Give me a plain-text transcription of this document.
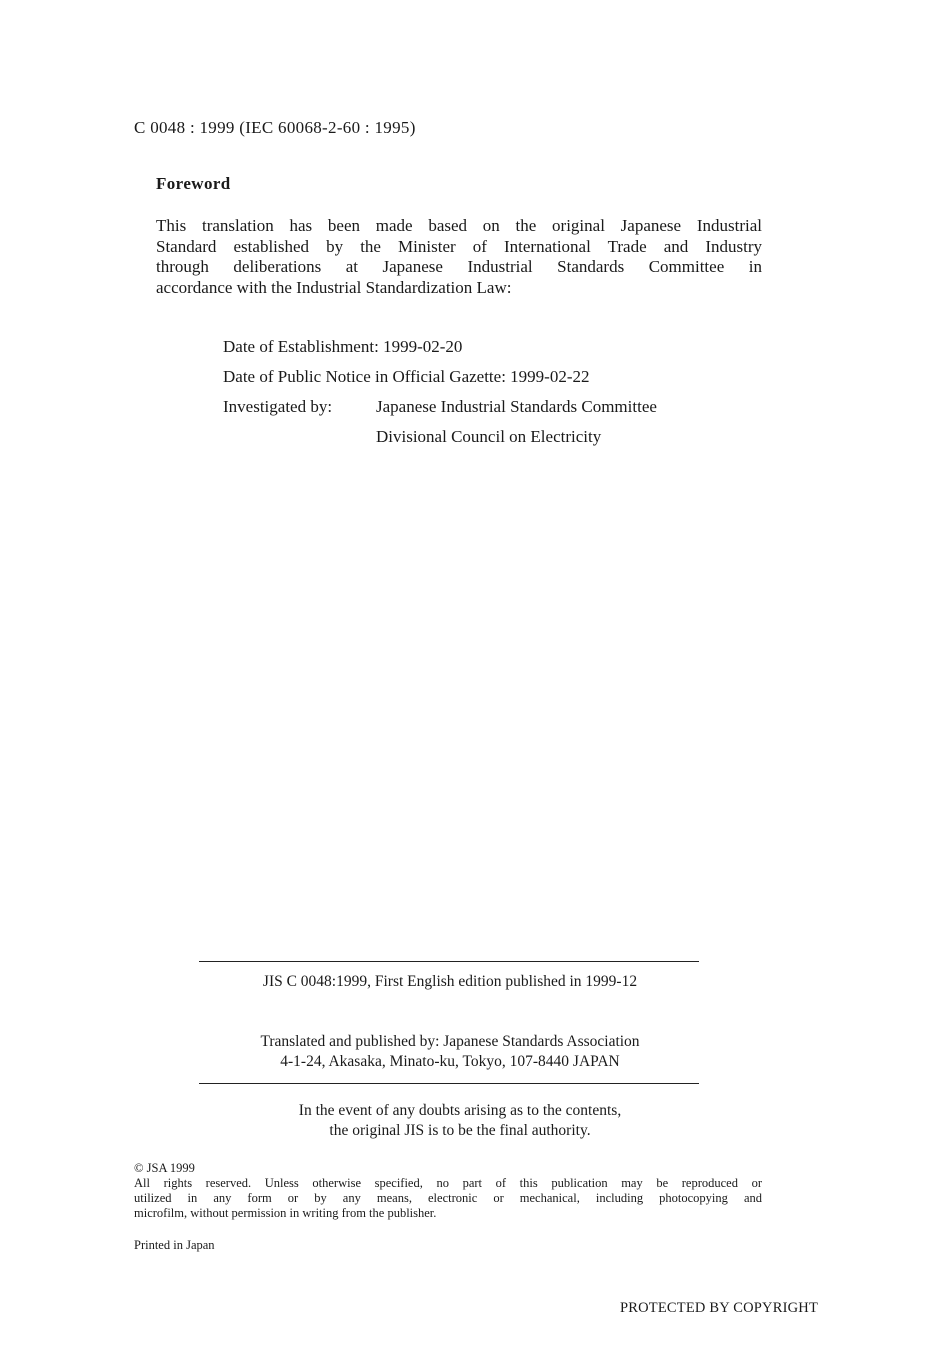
C 0048 : 1999 (IEC 60068-2-60 : 1995)
Foreword
This translation has been made based on the original Japanese Industrial
Standard established by the Minister of International Trade and Industry
through deliberations at Japanese Industrial Standards Committee in
accordance with the Industrial Standardization Law:
Date of Establishment: 1999-02-20
Date of Public Notice in Official Gazette: 1999-02-22
Investigated by:	Japanese Industrial Standards Committee
Divisional Council on Electricity
JIS C 0048:1999, First English edition published in 1999-12
Translated and published by: Japanese Standards Association
4-1-24, Akasaka, Minato-ku, Tokyo, 107-8440 JAPAN
In the event of any doubts arising as to the contents,
the original JIS is to be the final authority.
© JSA 1999
All rights reserved. Unless otherwise specified, no part of this publication may be reproduced or
utilized in any form or by any means, electronic or mechanical, including photocopying and
microfilm, without permission in writing from the publisher.
Printed in Japan
PROTECTED BY COPYRIGHT
